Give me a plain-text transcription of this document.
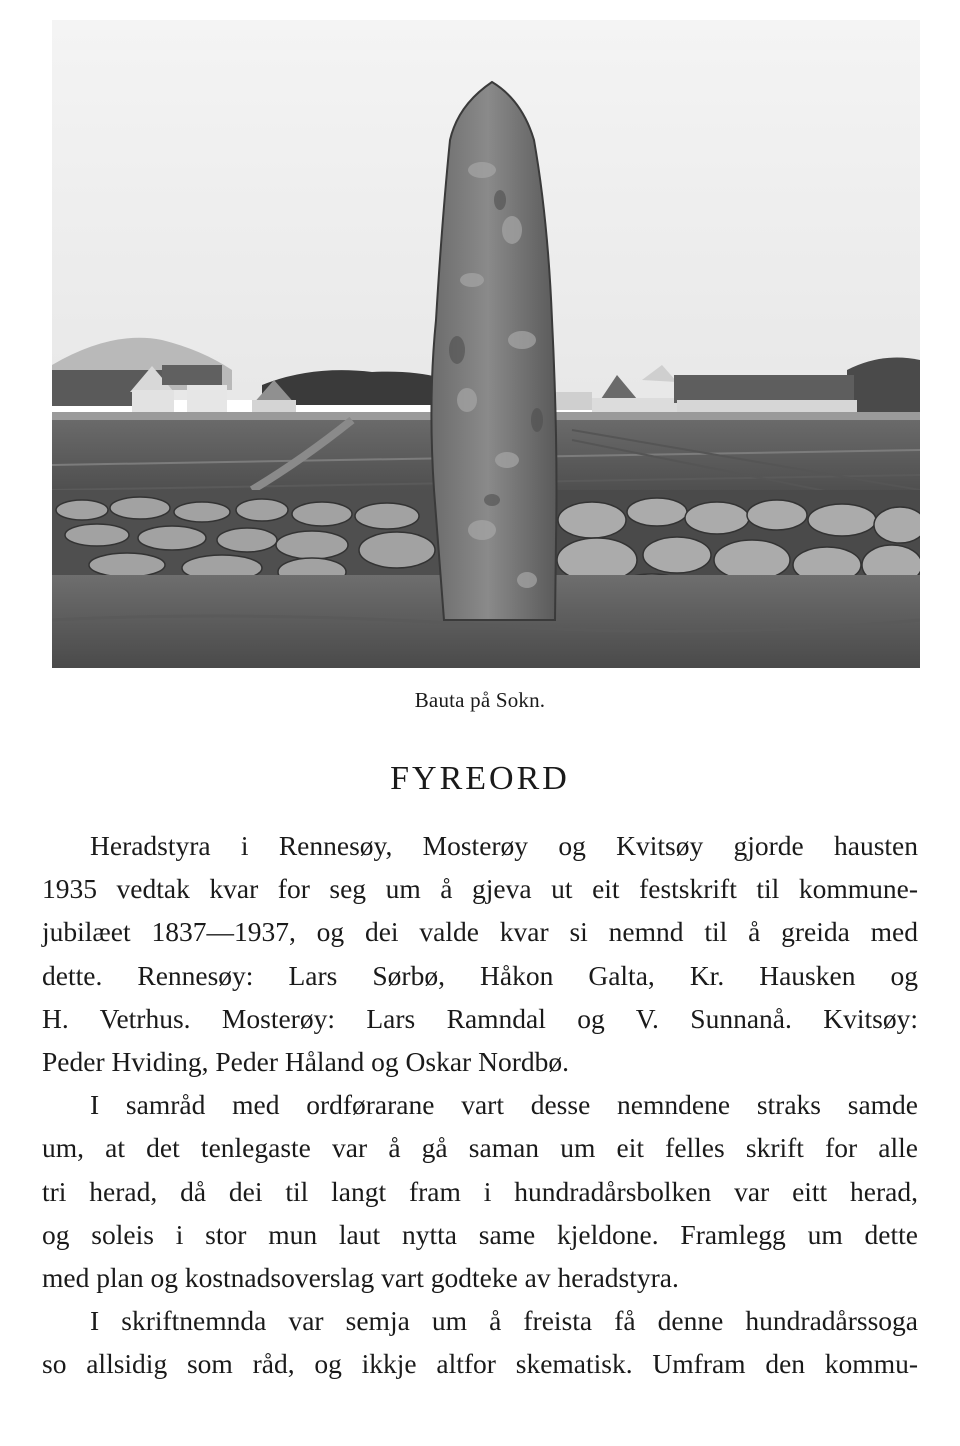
Bauta på Sokn.
FYREORD
Heradstyra i Rennesøy, Mosterøy og Kvitsøy gjorde hausten
1935 vedtak kvar for seg um å gjeva ut eit festskrift til kommune-
jubilæet 1837—1937, og dei valde kvar si nemnd til å greida med
dette. Rennesøy: Lars Sørbø, Håkon Galta, Kr. Hausken og
H. Vetrhus. Mosterøy: Lars Ramndal og V. Sunnanå. Kvitsøy:
Peder Hviding, Peder Håland og Oskar Nordbø.
I samråd med ordførarane vart desse nemndene straks samde
um, at det tenlegaste var å gå saman um eit felles skrift for alle
tri herad, då dei til langt fram i hundradårsbolken var eitt herad,
og soleis i stor mun laut nytta same kjeldone. Framlegg um dette
med plan og kostnadsoverslag vart godteke av heradstyra.
I skriftnemnda var semja um å freista få denne hundradårssoga
so allsidig som råd, og ikkje altfor skematisk. Umfram den kommu-
